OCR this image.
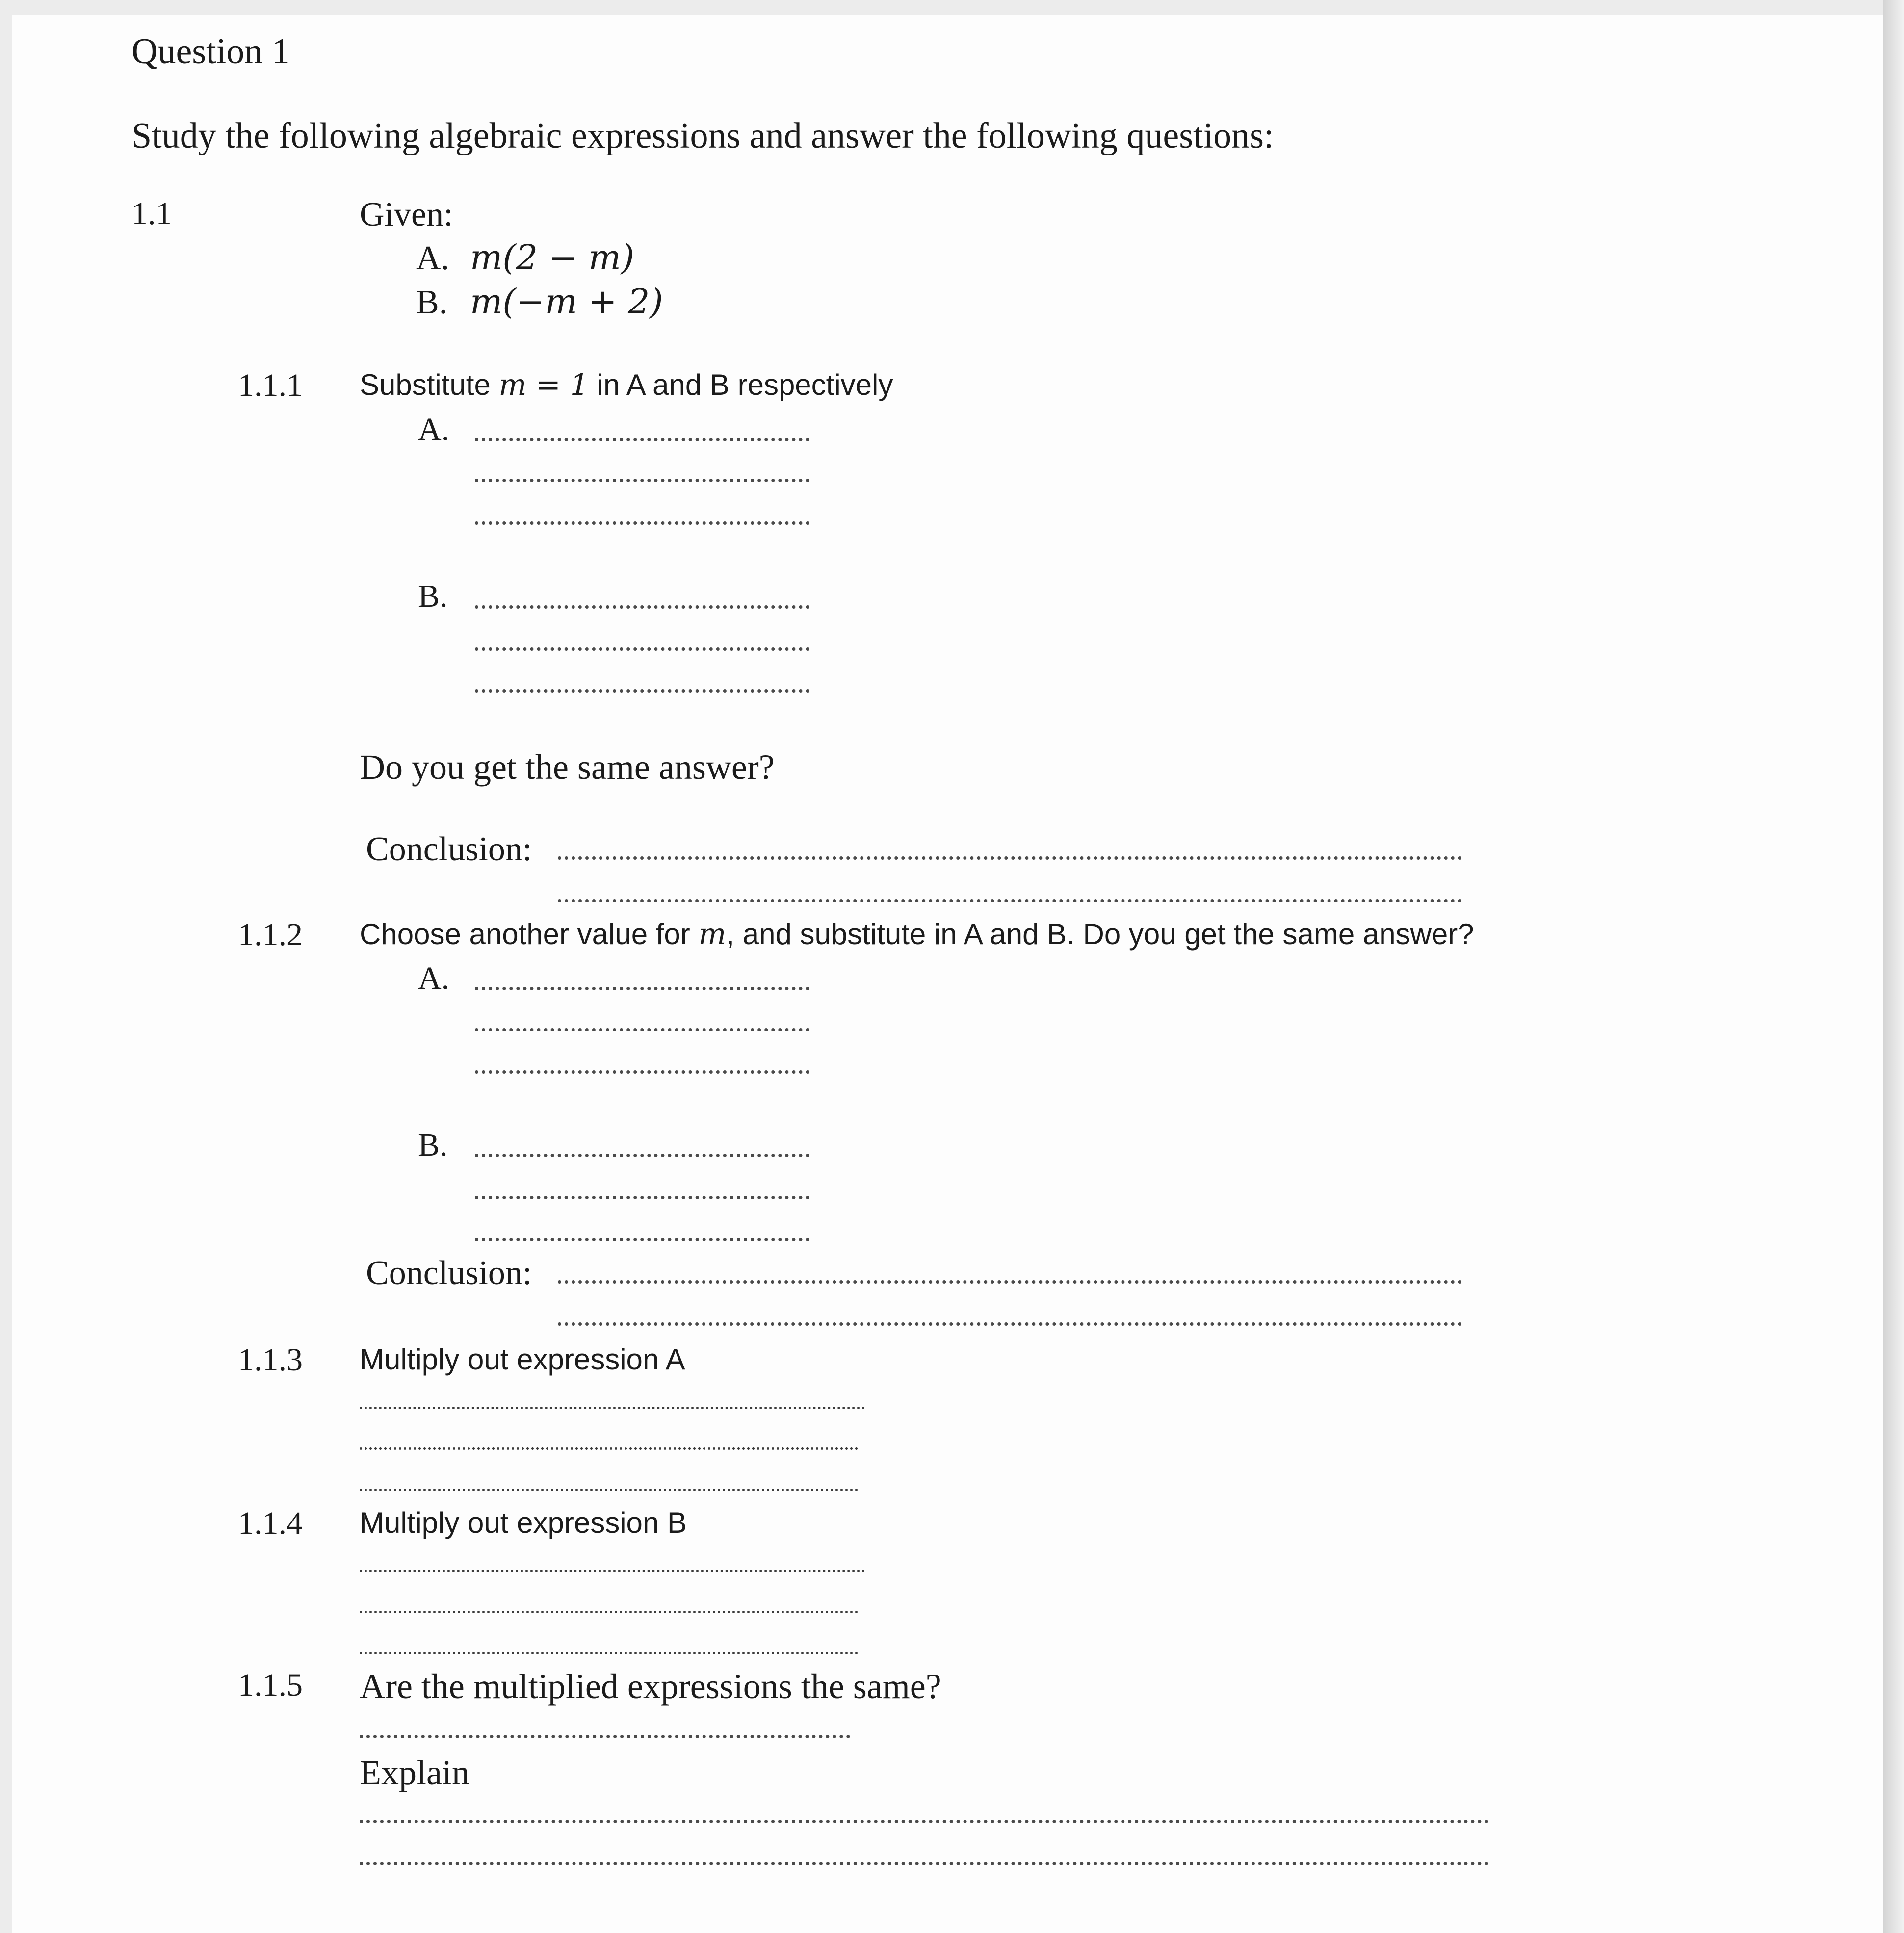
Question 1
Study the following algebraic expressions and answer the following questions:
1.1	Given:
A. m(2 − m)
B. m(−m + 2)
1.1.1 Substitute m = 1 in A and B respectively
A.
B.
Do you get the same answer?
Conclusion:
1.1.2 Choose another value for m, and substitute in A and B. Do you get the same answer?
A.
B.
Conclusion:
1.1.3 Multiply out expression A
1.1.4 Multiply out expression B
1.1.5 Are the multiplied expressions the same?
Explain
